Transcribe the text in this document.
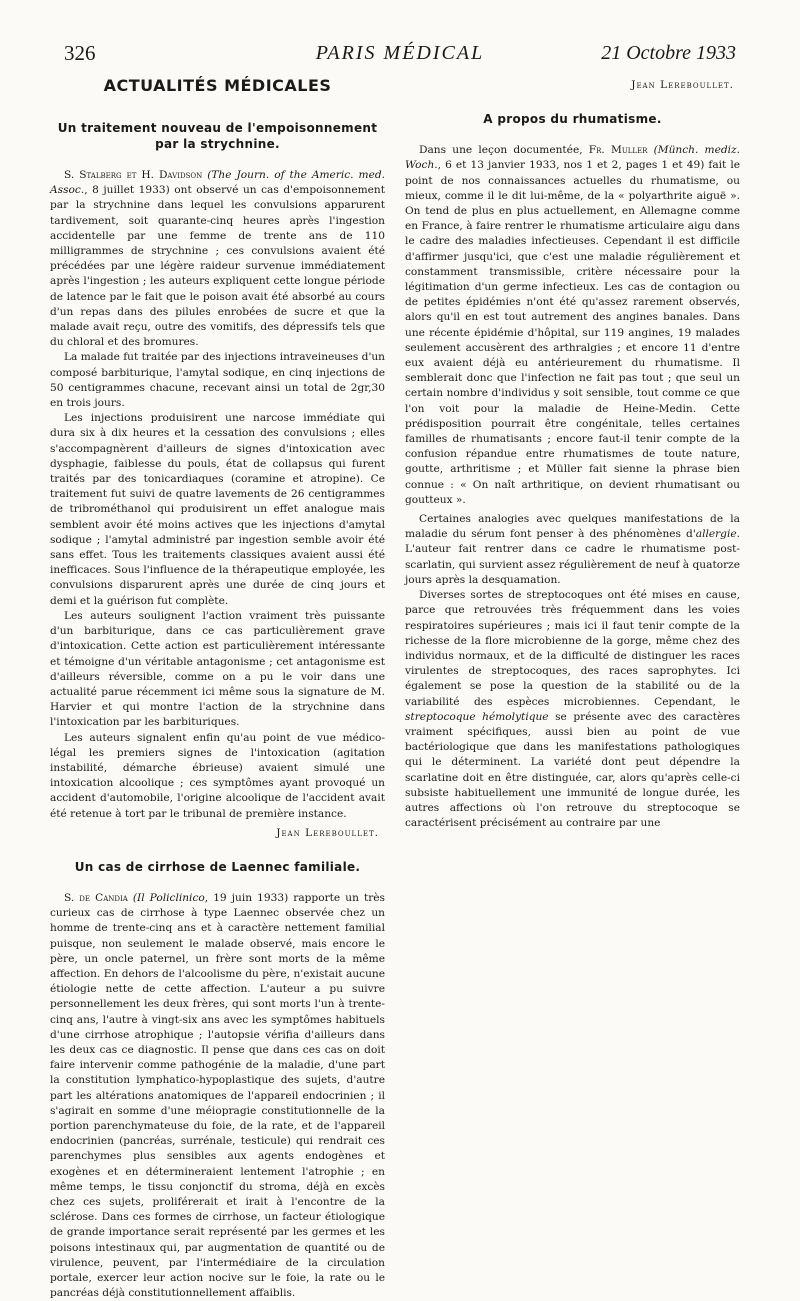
326	PARIS MÉDICAL	21 Octobre 1933
ACTUALITÉS MÉDICALES
Un traitement nouveau de l'empoisonnement par la strychnine.

S. Stalberg et H. Davidson (The Journ. of the Americ. med. Assoc., 8 juillet 1933) ont observé un cas d'empoisonnement par la strychnine dans lequel les convulsions apparurent tardivement, soit quarante-cinq heures après l'ingestion accidentelle par une femme de trente ans de 110 milligrammes de strychnine ; ces convulsions avaient été précédées par une légère raideur survenue immédiatement après l'ingestion ; les auteurs expliquent cette longue période de latence par le fait que le poison avait été absorbé au cours d'un repas dans des pilules enrobées de sucre et que la malade avait reçu, outre des vomitifs, des dépressifs tels que du chloral et des bromures.

La malade fut traitée par des injections intraveineuses d'un composé barbiturique, l'amytal sodique, en cinq injections de 50 centigrammes chacune, recevant ainsi un total de 2gr,30 en trois jours.

Les injections produisirent une narcose immédiate qui dura six à dix heures et la cessation des convulsions ; elles s'accompagnèrent d'ailleurs de signes d'intoxication avec dysphagie, faiblesse du pouls, état de collapsus qui furent traités par des tonicardiaques (coramine et atropine). Ce traitement fut suivi de quatre lavements de 26 centigrammes de tribrométhanol qui produisirent un effet analogue mais semblent avoir été moins actives que les injections d'amytal sodique ; l'amytal administré par ingestion semble avoir été sans effet. Tous les traitements classiques avaient aussi été inefficaces. Sous l'influence de la thérapeutique employée, les convulsions disparurent après une durée de cinq jours et demi et la guérison fut complète.

Les auteurs soulignent l'action vraiment très puissante d'un barbiturique, dans ce cas particulièrement grave d'intoxication. Cette action est particulièrement intéressante et témoigne d'un véritable antagonisme ; cet antagonisme est d'ailleurs réversible, comme on a pu le voir dans une actualité parue récemment ici même sous la signature de M. Harvier et qui montre l'action de la strychnine dans l'intoxication par les barbituriques.

Les auteurs signalent enfin qu'au point de vue médico-légal les premiers signes de l'intoxication (agitation instabilité, démarche ébrieuse) avaient simulé une intoxication alcoolique ; ces symptômes ayant provoqué un accident d'automobile, l'origine alcoolique de l'accident avait été retenue à tort par le tribunal de première instance.

Jean Lereboullet.
Un cas de cirrhose de Laennec familiale.

S. de Candia (Il Policlinico, 19 juin 1933) rapporte un très curieux cas de cirrhose à type Laennec observée chez un homme de trente-cinq ans et à caractère nettement familial puisque, non seulement le malade observé, mais encore le père, un oncle paternel, un frère sont morts de la même affection. En dehors de l'alcoolisme du père, n'existait aucune étiologie nette de cette affection. L'auteur a pu suivre personnellement les deux frères, qui sont morts l'un à trente-cinq ans, l'autre à vingt-six ans avec les symptômes habituels d'une cirrhose atrophique ; l'autopsie vérifia d'ailleurs dans les deux cas ce diagnostic. Il pense que dans ces cas on doit faire intervenir comme pathogénie de la maladie, d'une part la constitution lymphatico-hypoplastique des sujets, d'autre part les altérations anatomiques de l'appareil endocrinien ; il s'agirait en somme d'une méiopragie constitutionnelle de la portion parenchymateuse du foie, de la rate, et de l'appareil endocrinien (pancréas, surrénale, testicule) qui rendrait ces parenchymes plus sensibles aux agents endogènes et exogènes et en détermineraient lentement l'atrophie ; en même temps, le tissu conjonctif du stroma, déjà en excès chez ces sujets, proliférerait et irait à l'encontre de la sclérose. Dans ces formes de cirrhose, un facteur étiologique de grande importance serait représenté par les germes et les poisons intestinaux qui, par augmentation de quantité ou de virulence, peuvent, par l'intermédiaire de la circulation portale, exercer leur action nocive sur le foie, la rate ou le pancréas déjà constitutionnellement affaiblis.

Jean Lereboullet.
A propos du rhumatisme.

Dans une leçon documentée, Fr. Muller (Münch. mediz. Woch., 6 et 13 janvier 1933, nos 1 et 2, pages 1 et 49) fait le point de nos connaissances actuelles du rhumatisme, ou mieux, comme il le dit lui-même, de la « polyarthrite aiguë ». On tend de plus en plus actuellement, en Allemagne comme en France, à faire rentrer le rhumatisme articulaire aigu dans le cadre des maladies infectieuses. Cependant il est difficile d'affirmer jusqu'ici, que c'est une maladie régulièrement et constamment transmissible, critère nécessaire pour la légitimation d'un germe infectieux. Les cas de contagion ou de petites épidémies n'ont été qu'assez rarement observés, alors qu'il en est tout autrement des angines banales. Dans une récente épidémie d'hôpital, sur 119 angines, 19 malades seulement accusèrent des arthralgies ; et encore 11 d'entre eux avaient déjà eu antérieurement du rhumatisme. Il semblerait donc que l'infection ne fait pas tout ; que seul un certain nombre d'individus y soit sensible, tout comme ce que l'on voit pour la maladie de Heine-Medin. Cette prédisposition pourrait être congénitale, telles certaines familles de rhumatisants ; encore faut-il tenir compte de la confusion répandue entre rhumatismes de toute nature, goutte, arthritisme ; et Müller fait sienne la phrase bien connue : « On naît arthritique, on devient rhumatisant ou goutteux ».

Certaines analogies avec quelques manifestations de la maladie du sérum font penser à des phénomènes d'allergie. L'auteur fait rentrer dans ce cadre le rhumatisme post-scarlatin, qui survient assez régulièrement de neuf à quatorze jours après la desquamation.

Diverses sortes de streptocoques ont été mises en cause, parce que retrouvées très fréquemment dans les voies respiratoires supérieures ; mais ici il faut tenir compte de la richesse de la flore microbienne de la gorge, même chez des individus normaux, et de la difficulté de distinguer les races virulentes de streptocoques, des races saprophytes. Ici également se pose la question de la stabilité ou de la variabilité des espèces microbiennes. Cependant, le streptocoque hémolytique se présente avec des caractères vraiment spécifiques, aussi bien au point de vue bactériologique que dans les manifestations pathologiques qui le déterminent. La variété dont peut dépendre la scarlatine doit en être distinguée, car, alors qu'après celle-ci subsiste habituellement une immunité de longue durée, les autres affections où l'on retrouve du streptocoque se caractérisent précisément au contraire par une
